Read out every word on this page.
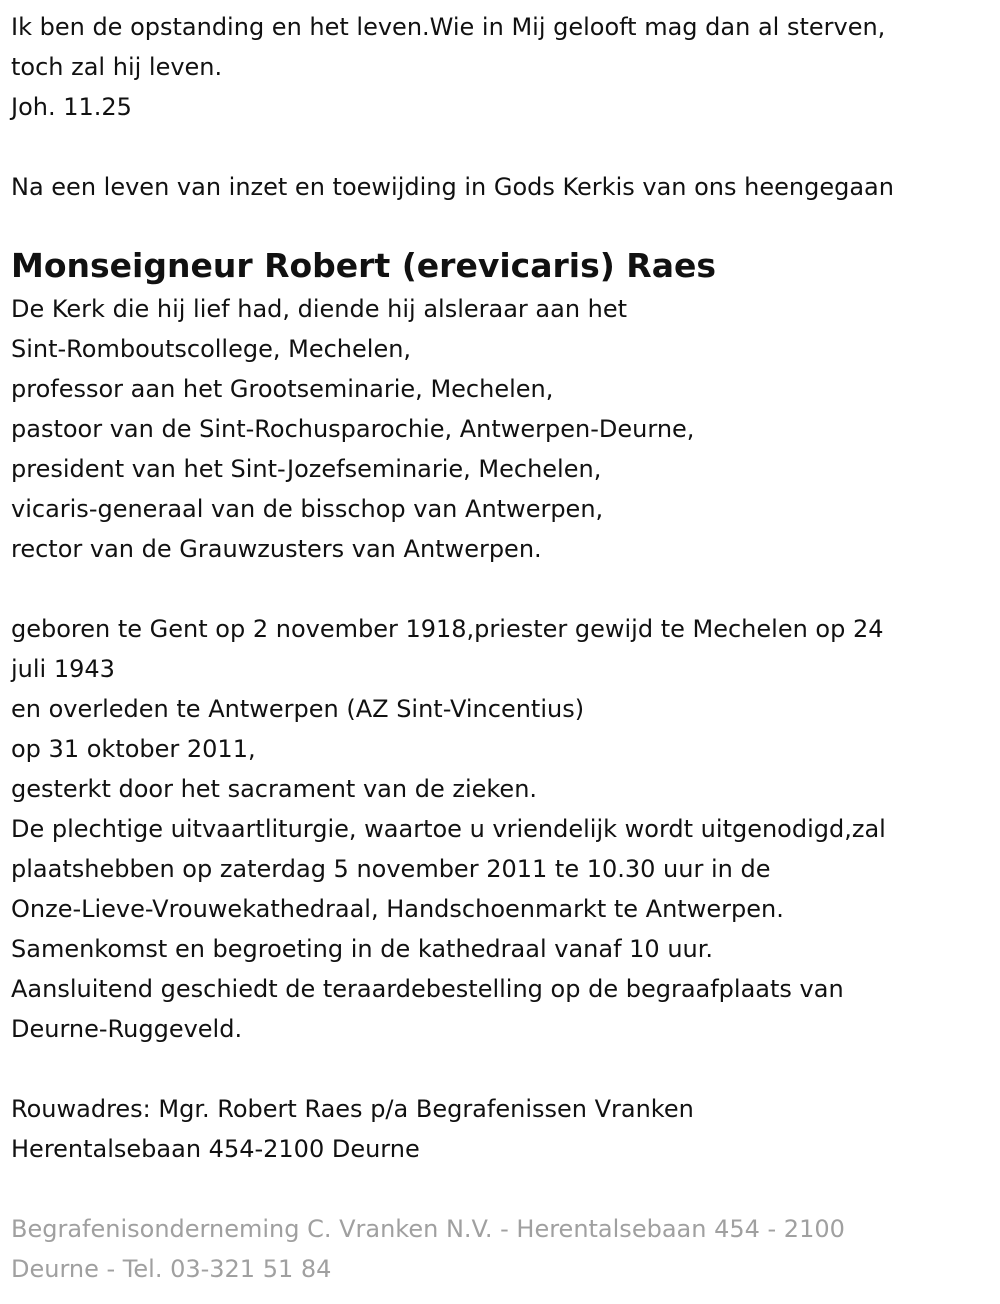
Ik ben de opstanding en het leven.Wie in Mij gelooft mag dan al sterven,
toch zal hij leven.
Joh. 11.25
Na een leven van inzet en toewijding in Gods Kerkis van ons heengegaan
Monseigneur Robert (erevicaris) Raes
De Kerk die hij lief had, diende hij alsleraar aan het
Sint-Romboutscollege, Mechelen,
professor aan het Grootseminarie, Mechelen,
pastoor van de Sint-Rochusparochie, Antwerpen-Deurne,
president van het Sint-Jozefseminarie, Mechelen,
vicaris-generaal van de bisschop van Antwerpen,
rector van de Grauwzusters van Antwerpen.
geboren te Gent op 2 november 1918,priester gewijd te Mechelen op 24
juli 1943
en overleden te Antwerpen (AZ Sint-Vincentius)
op 31 oktober 2011,
gesterkt door het sacrament van de zieken.
De plechtige uitvaartliturgie, waartoe u vriendelijk wordt uitgenodigd,zal
plaatshebben op zaterdag 5 november 2011 te 10.30 uur in de
Onze-Lieve-Vrouwekathedraal, Handschoenmarkt te Antwerpen.
Samenkomst en begroeting in de kathedraal vanaf 10 uur.
Aansluitend geschiedt de teraardebestelling op de begraafplaats van
Deurne-Ruggeveld.
Rouwadres: Mgr. Robert Raes p/a Begrafenissen Vranken
Herentalsebaan 454-2100 Deurne
Begrafenisonderneming C. Vranken N.V. - Herentalsebaan 454 - 2100
Deurne - Tel. 03-321 51 84
